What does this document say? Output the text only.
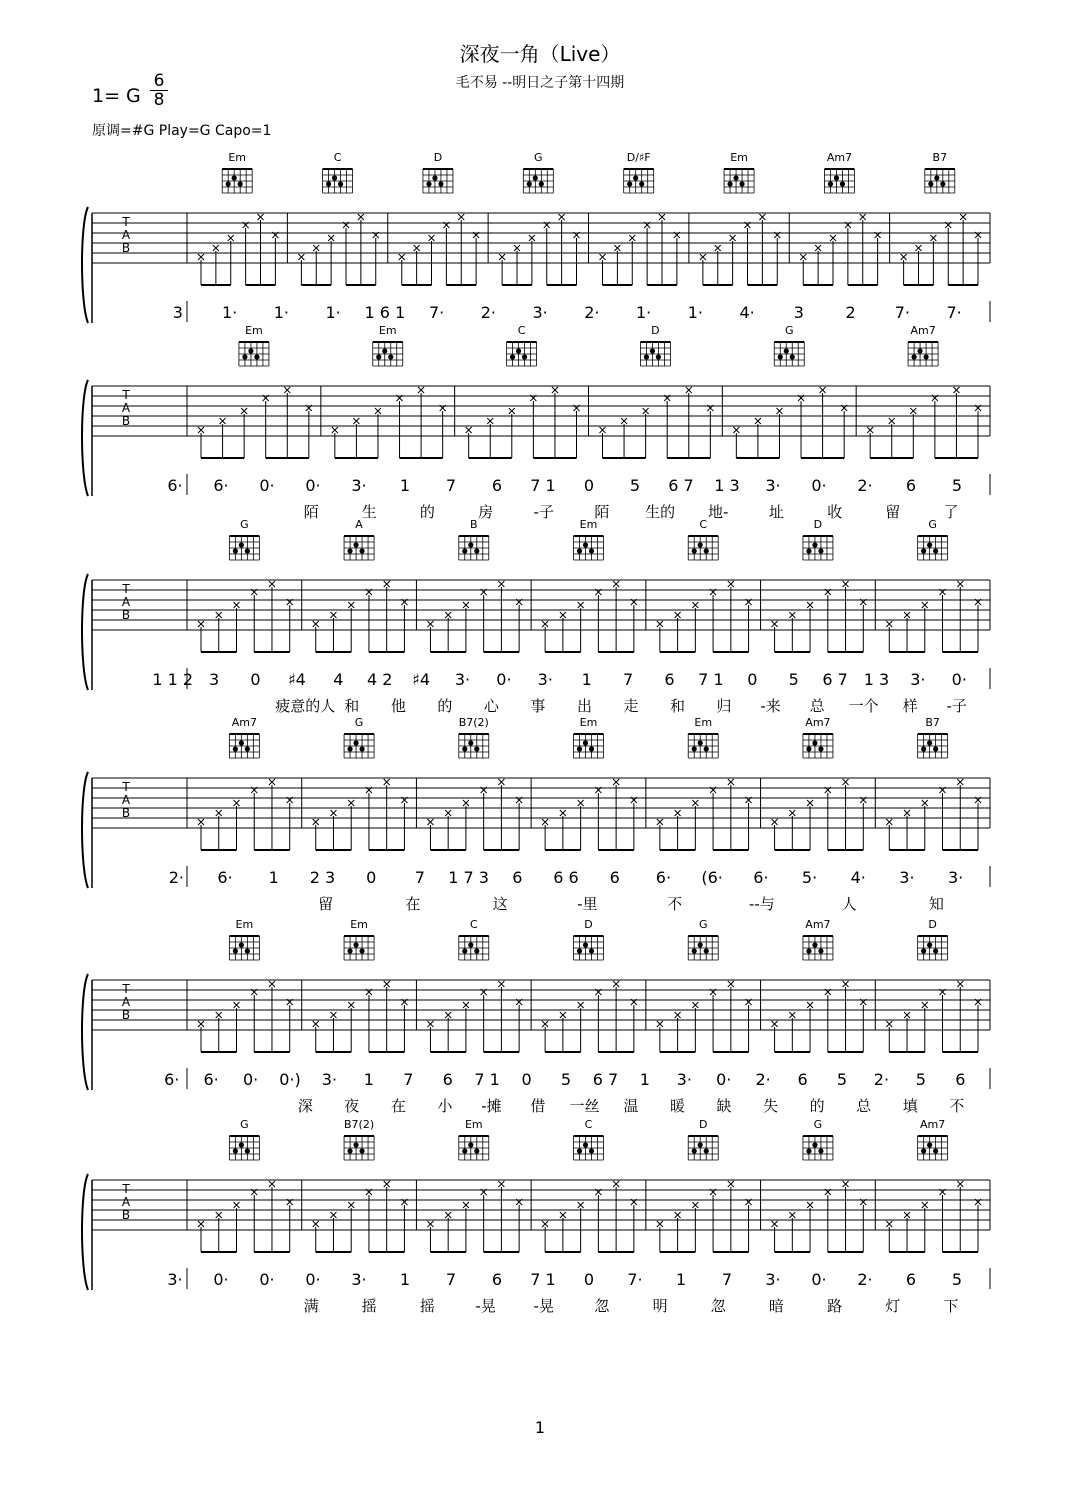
深夜一角（Live）
毛不易 --明日之子第十四期
1= G
6
8
原调=#G Play=G Capo=1
T
A
B
Em	C	D	G	D/♯F	Em	Am7	B7
3 1· 1· 1· 1 6 1 7· 2· 3· 2· 1· 1· 4· 3	2 7· 7·
T
A
B
Em	Em	C	D	G	Am7
6· 6· 0· 0· 3· 1 7 6 7 1 0 5 6 7 1 3 3· 0· 2· 6 5
陌	生	的	房	-子	陌 生的 地-	址	收	留	了
T
A
B
G	A	B	Em	C	D	G
1 1 2 3 0 ♯4 4 4 2 ♯4 3· 0· 3· 1 7 6 7 1 0 5 6 7 1 3 3· 0·
疲意的人 和 他 的 心 事 出 走 和 归 -来 总 一个 样 -子
T
A
B
Am7	G	B7(2)	Em	Em	Am7	B7
2· 6· 1 2 3 0 7 1 7 3 6 6 6 6 6· (6· 6· 5· 4· 3· 3·
留	在	这	-里	不	--与	人	知
T
A
B
Em	Em	C	D	G	Am7	D
6· 6· 0· 0·) 3· 1 7 6 7 1 0 5 6 7 1 3· 0· 2· 6 5 2· 5 6
深 夜 在 小 -摊 借 一丝 温 暖 缺 失 的 总 填 不
T
A
B
G	B7(2)	Em	C	D	G	Am7
3· 0· 0· 0· 3· 1 7 6 7 1 0 7· 1 7 3· 0· 2· 6 5
满	摇	摇	-晃	-晃	忽	明	忽	暗	路	灯	下
1
